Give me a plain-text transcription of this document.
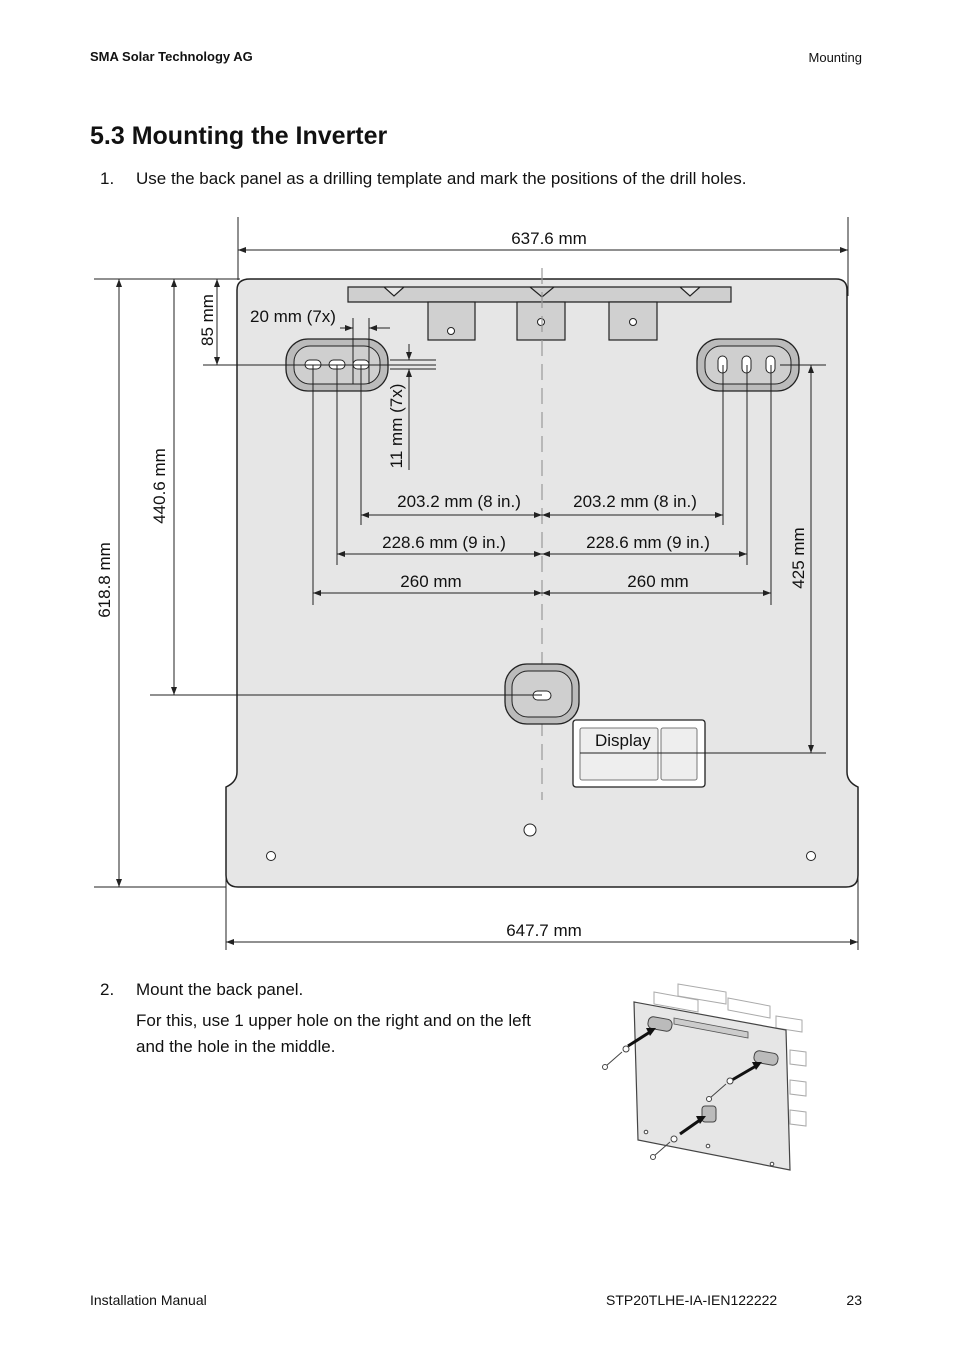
SMA Solar Technology AG	Mounting
5.3 Mounting the Inverter
1. Use the back panel as a drilling template and mark the positions of the drill holes.
637.6 mm
647.7 mm
618.8 mm
440.6 mm
85 mm 20 mm (7x)
11 mm (7x)
203.2 mm (8 in.)	203.2 mm (8 in.)
228.6 mm (9 in.)	228.6 mm (9 in.)
260 mm	260 mm	425 mm
Display
2. Mount the back panel.
For this, use 1 upper hole on the right and on the left and the hole in the middle.
Installation Manual	STP20TLHE-IA-IEN122222	23
